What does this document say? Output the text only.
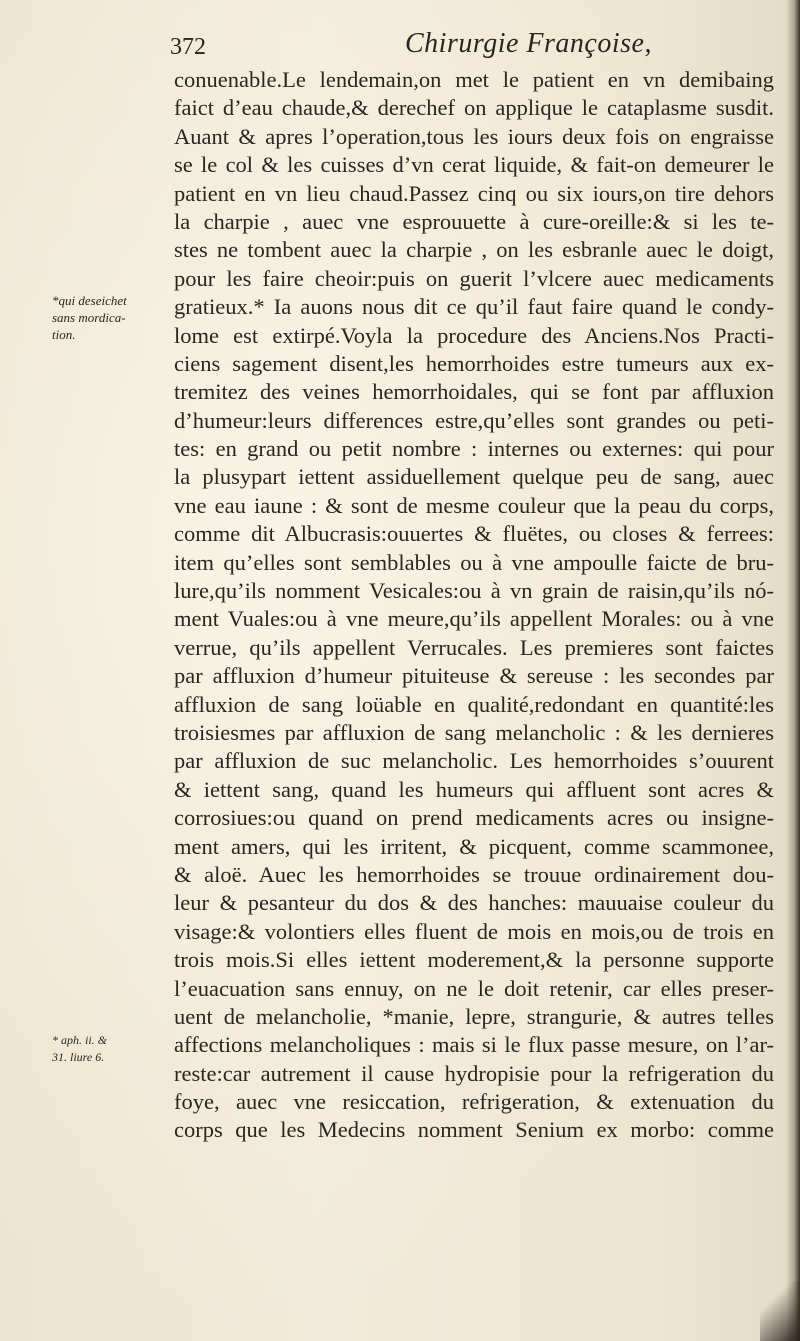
372	Chirurgie Françoise,
*qui deseichet
sans mordica-
tion.
* aph. ii. &
31. liure 6.
conuenable.Le lendemain,on met le patient en vn demibaing
faict d’eau chaude,& derechef on applique le cataplasme susdit.
Auant & apres l’operation,tous les iours deux fois on engraisse
se le col & les cuisses d’vn cerat liquide, & fait-on demeurer le
patient en vn lieu chaud.Passez cinq ou six iours,on tire dehors
la charpie , auec vne esprouuette à cure-oreille:& si les te-
stes ne tombent auec la charpie , on les esbranle auec le doigt,
pour les faire cheoir:puis on guerit l’vlcere auec medicaments
gratieux.* Ia auons nous dit ce qu’il faut faire quand le condy-
lome est extirpé.Voyla la procedure des Anciens.Nos Practi-
ciens sagement disent,les hemorrhoides estre tumeurs aux ex-
tremitez des veines hemorrhoidales, qui se font par affluxion
d’humeur:leurs differences estre,qu’elles sont grandes ou peti-
tes: en grand ou petit nombre : internes ou externes: qui pour
la plusypart iettent assiduellement quelque peu de sang, auec
vne eau iaune : & sont de mesme couleur que la peau du corps,
comme dit Albucrasis:ouuertes & fluëtes, ou closes & ferrees:
item qu’elles sont semblables ou à vne ampoulle faicte de bru-
lure,qu’ils nomment Vesicales:ou à vn grain de raisin,qu’ils nó-
ment Vuales:ou à vne meure,qu’ils appellent Morales: ou à vne
verrue, qu’ils appellent Verrucales. Les premieres sont faictes
par affluxion d’humeur pituiteuse & sereuse : les secondes par
affluxion de sang loüable en qualité,redondant en quantité:les
troisiesmes par affluxion de sang melancholic : & les dernieres
par affluxion de suc melancholic. Les hemorrhoides s’ouurent
& iettent sang, quand les humeurs qui affluent sont acres &
corrosiues:ou quand on prend medicaments acres ou insigne-
ment amers, qui les irritent, & picquent, comme scammonee,
& aloë. Auec les hemorrhoides se trouue ordinairement dou-
leur & pesanteur du dos & des hanches: mauuaise couleur du
visage:& volontiers elles fluent de mois en mois,ou de trois en
trois mois.Si elles iettent moderement,& la personne supporte
l’euacuation sans ennuy, on ne le doit retenir, car elles preser-
uent de melancholie, *manie, lepre, strangurie, & autres telles
affections melancholiques : mais si le flux passe mesure, on l’ar-
reste:car autrement il cause hydropisie pour la refrigeration du
foye, auec vne resiccation, refrigeration, & extenuation du
corps que les Medecins nomment Senium ex morbo: comme
